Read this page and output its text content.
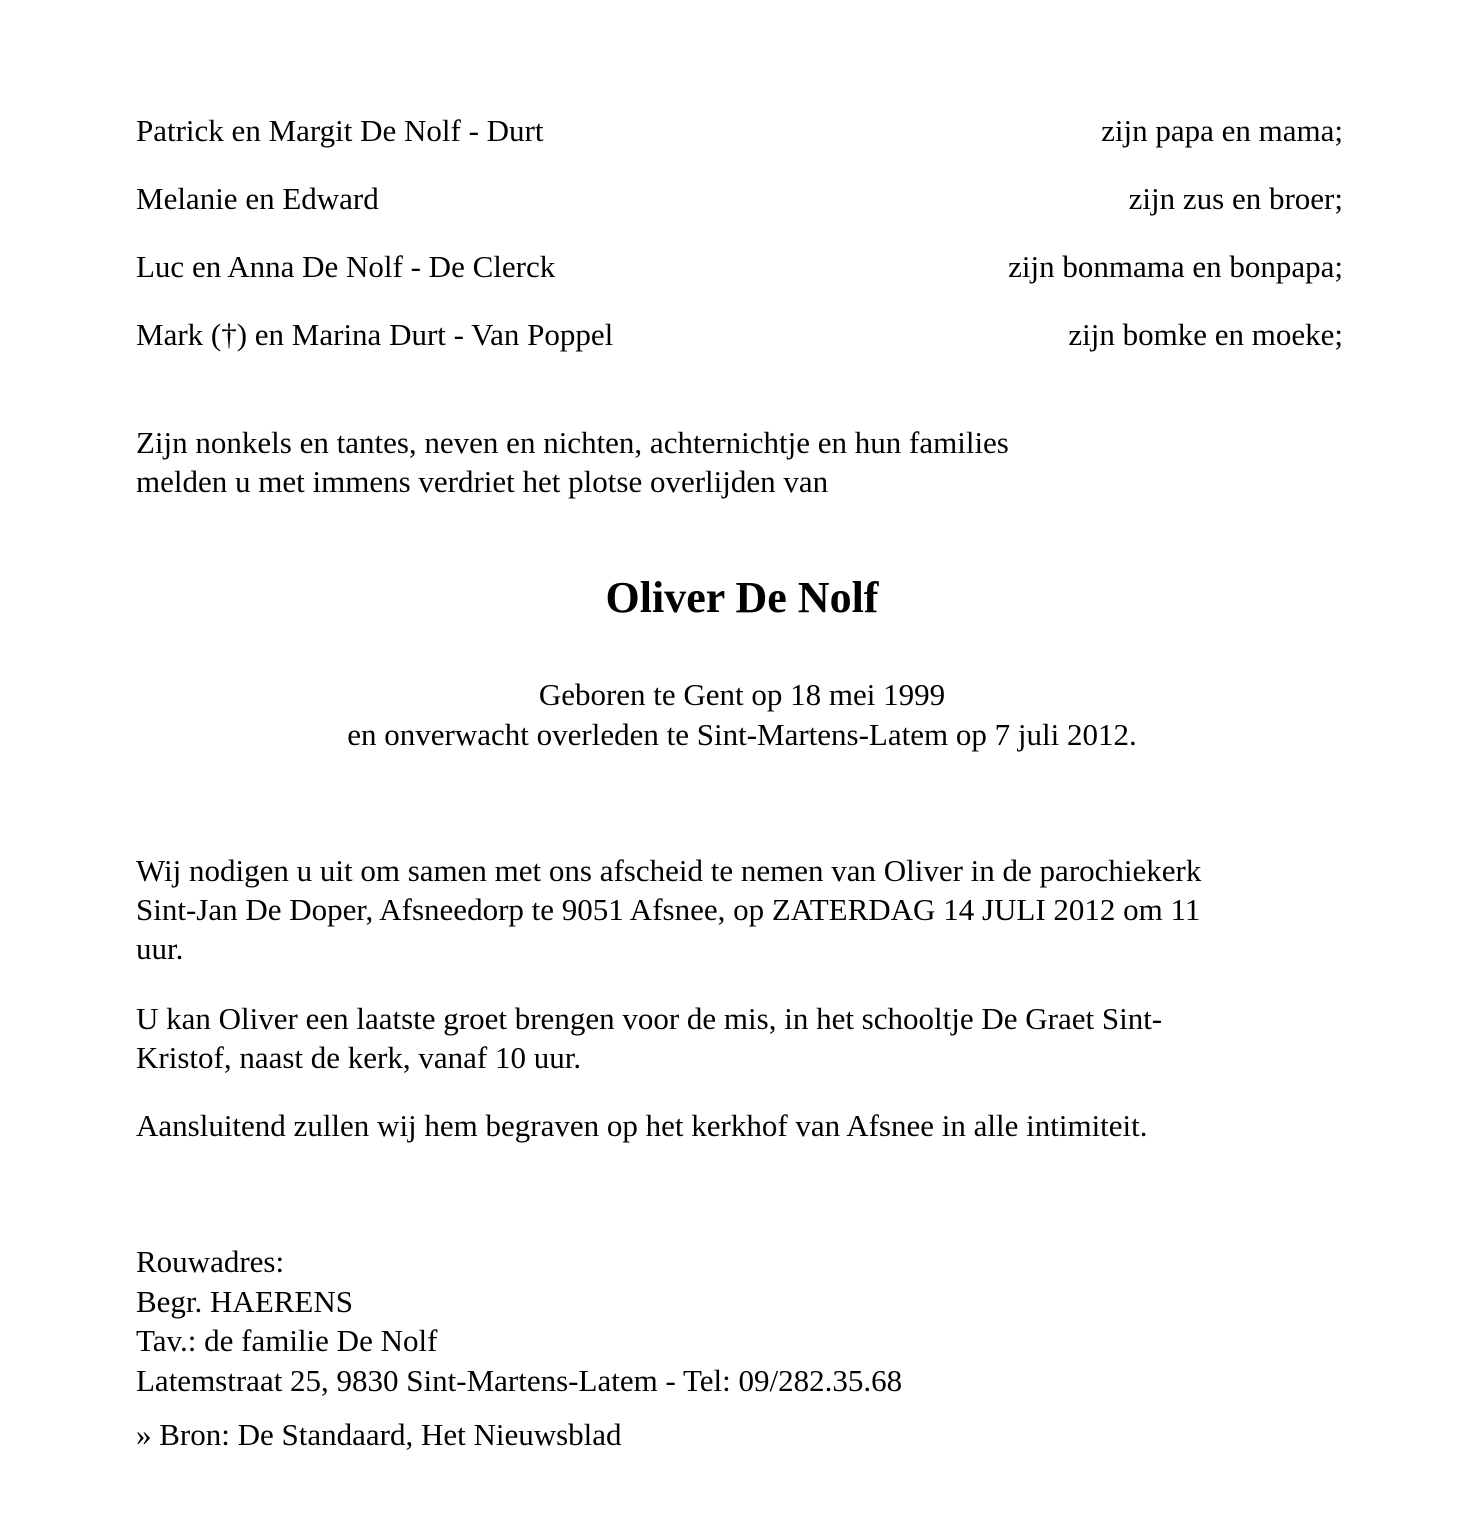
Patrick en Margit De Nolf - Durt	zijn papa en mama;
Melanie en Edward	zijn zus en broer;
Luc en Anna De Nolf - De Clerck	zijn bonmama en bonpapa;
Mark (†) en Marina Durt - Van Poppel	zijn bomke en moeke;
Zijn nonkels en tantes, neven en nichten, achternichtje en hun families
melden u met immens verdriet het plotse overlijden van
Oliver De Nolf
Geboren te Gent op 18 mei 1999
en onverwacht overleden te Sint-Martens-Latem op 7 juli 2012.
Wij nodigen u uit om samen met ons afscheid te nemen van Oliver in de parochiekerk
Sint-Jan De Doper, Afsneedorp te 9051 Afsnee, op ZATERDAG 14 JULI 2012 om 11
uur.
U kan Oliver een laatste groet brengen voor de mis, in het schooltje De Graet Sint-
Kristof, naast de kerk, vanaf 10 uur.
Aansluitend zullen wij hem begraven op het kerkhof van Afsnee in alle intimiteit.
Rouwadres:
Begr. HAERENS
Tav.: de familie De Nolf
Latemstraat 25, 9830 Sint-Martens-Latem - Tel: 09/282.35.68
» Bron: De Standaard, Het Nieuwsblad
